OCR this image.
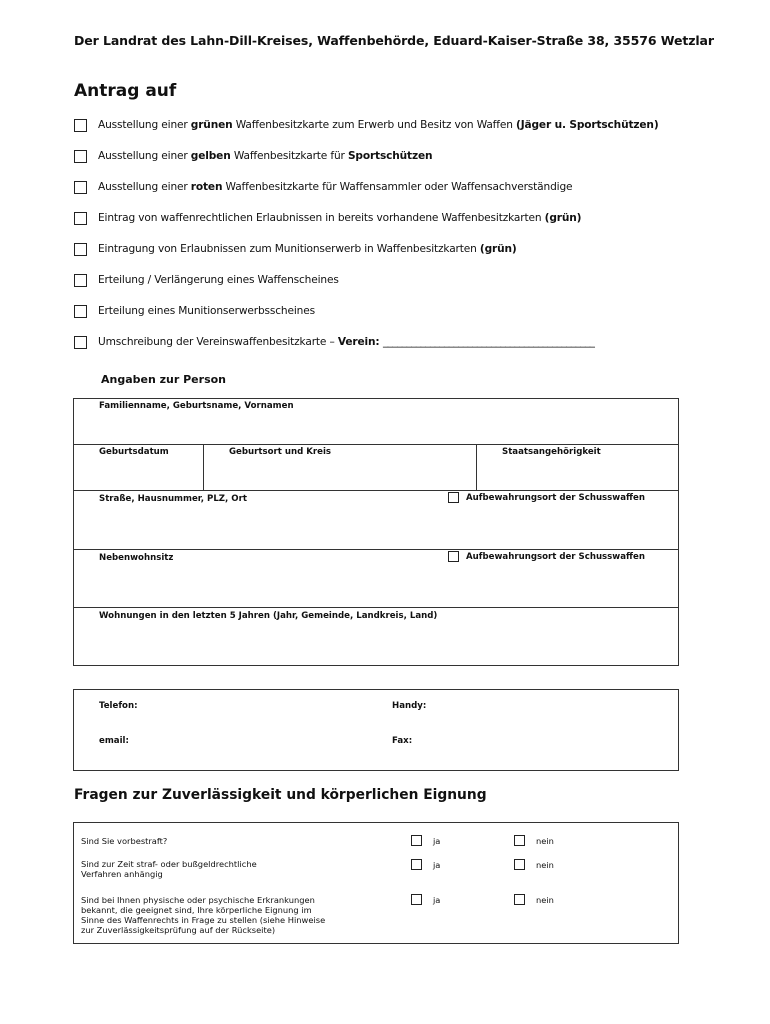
Der Landrat des Lahn-Dill-Kreises, Waffenbehörde, Eduard-Kaiser-Straße 38, 35576 Wetzlar
Antrag auf
Ausstellung einer grünen Waffenbesitzkarte zum Erwerb und Besitz von Waffen (Jäger u. Sportschützen)
Ausstellung einer gelben Waffenbesitzkarte für Sportschützen
Ausstellung einer roten Waffenbesitzkarte für Waffensammler oder Waffensachverständige
Eintrag von waffenrechtlichen Erlaubnissen in bereits vorhandene Waffenbesitzkarten (grün)
Eintragung von Erlaubnissen zum Munitionserwerb in Waffenbesitzkarten (grün)
Erteilung / Verlängerung eines Waffenscheines
Erteilung eines Munitionserwerbsscheines
Umschreibung der Vereinswaffenbesitzkarte – Verein: _____________________________________________
Angaben zur Person
Familienname, Geburtsname, Vornamen
Geburtsdatum	Geburtsort und Kreis	Staatsangehörigkeit
Straße, Hausnummer, PLZ, Ort	Aufbewahrungsort der Schusswaffen
Nebenwohnsitz	Aufbewahrungsort der Schusswaffen
Wohnungen in den letzten 5 Jahren (Jahr, Gemeinde, Landkreis, Land)
Telefon:	Handy:
email:	Fax:
Fragen zur Zuverlässigkeit und körperlichen Eignung
Sind Sie vorbestraft?	ja	nein
Sind zur Zeit straf- oder bußgeldrechtliche
Verfahren anhängig
ja	nein
Sind bei Ihnen physische oder psychische Erkrankungen
bekannt, die geeignet sind, Ihre körperliche Eignung im
Sinne des Waffenrechts in Frage zu stellen (siehe Hinweise
zur Zuverlässigkeitsprüfung auf der Rückseite)
ja	nein
